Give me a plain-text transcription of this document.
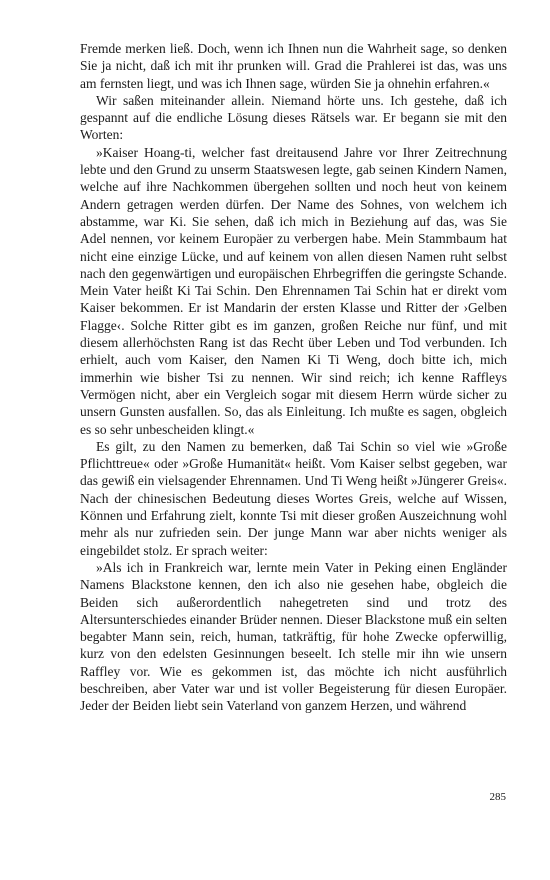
Fremde merken ließ. Doch, wenn ich Ihnen nun die Wahrheit sage, so denken Sie ja nicht, daß ich mit ihr prunken will. Grad die Prahlerei ist das, was uns am fernsten liegt, und was ich Ihnen sage, würden Sie ja ohnehin erfahren.«

Wir saßen miteinander allein. Niemand hörte uns. Ich gestehe, daß ich gespannt auf die endliche Lösung dieses Rätsels war. Er begann sie mit den Worten:

»Kaiser Hoang-ti, welcher fast dreitausend Jahre vor Ihrer Zeitrechnung lebte und den Grund zu unserm Staatswesen legte, gab seinen Kindern Namen, welche auf ihre Nachkommen übergehen sollten und noch heut von keinem Andern getragen werden dürfen. Der Name des Sohnes, von welchem ich abstamme, war Ki. Sie sehen, daß ich mich in Beziehung auf das, was Sie Adel nennen, vor keinem Europäer zu verbergen habe. Mein Stammbaum hat nicht eine einzige Lücke, und auf keinem von allen diesen Namen ruht selbst nach den gegenwärtigen und europäischen Ehrbegriffen die geringste Schande. Mein Vater heißt Ki Tai Schin. Den Ehrennamen Tai Schin hat er direkt vom Kaiser bekommen. Er ist Mandarin der ersten Klasse und Ritter der ›Gelben Flagge‹. Solche Ritter gibt es im ganzen, großen Reiche nur fünf, und mit diesem allerhöchsten Rang ist das Recht über Leben und Tod verbunden. Ich erhielt, auch vom Kaiser, den Namen Ki Ti Weng, doch bitte ich, mich immerhin wie bisher Tsi zu nennen. Wir sind reich; ich kenne Raffleys Vermögen nicht, aber ein Vergleich sogar mit diesem Herrn würde sicher zu unsern Gunsten ausfallen. So, das als Einleitung. Ich mußte es sagen, obgleich es so sehr unbescheiden klingt.«

Es gilt, zu den Namen zu bemerken, daß Tai Schin so viel wie »Große Pflichttreue« oder »Große Humanität« heißt. Vom Kaiser selbst gegeben, war das gewiß ein vielsagender Ehrennamen. Und Ti Weng heißt »Jüngerer Greis«. Nach der chinesischen Bedeutung dieses Wortes Greis, welche auf Wissen, Können und Erfahrung zielt, konnte Tsi mit dieser großen Auszeichnung wohl mehr als nur zufrieden sein. Der junge Mann war aber nichts weniger als eingebildet stolz. Er sprach weiter:

»Als ich in Frankreich war, lernte mein Vater in Peking einen Engländer Namens Blackstone kennen, den ich also nie gesehen habe, obgleich die Beiden sich außerordentlich nahegetreten sind und trotz des Altersunterschiedes einander Brüder nennen. Dieser Blackstone muß ein selten begabter Mann sein, reich, human, tatkräftig, für hohe Zwecke opferwillig, kurz von den edelsten Gesinnungen beseelt. Ich stelle mir ihn wie unsern Raffley vor. Wie es gekommen ist, das möchte ich nicht ausführlich beschreiben, aber Vater war und ist voller Begeisterung für diesen Europäer. Jeder der Beiden liebt sein Vaterland von ganzem Herzen, und während

285
